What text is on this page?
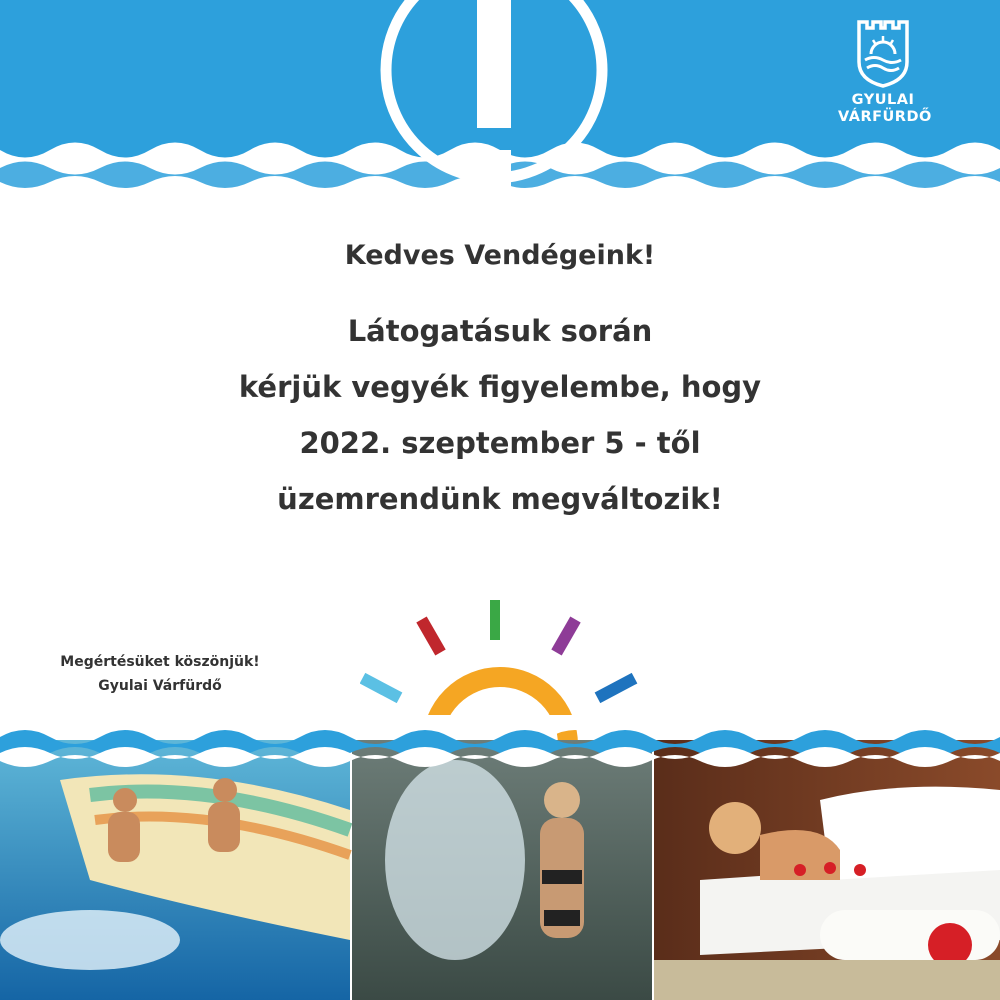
GYULAI
VÁRFÜRDŐ

Kedves Vendégeink!

Látogatásuk során

kérjük vegyék figyelembe, hogy

2022. szeptember 5 - től

üzemrendünk megváltozik!

Megértésüket köszönjük!
Gyulai Várfürdő
